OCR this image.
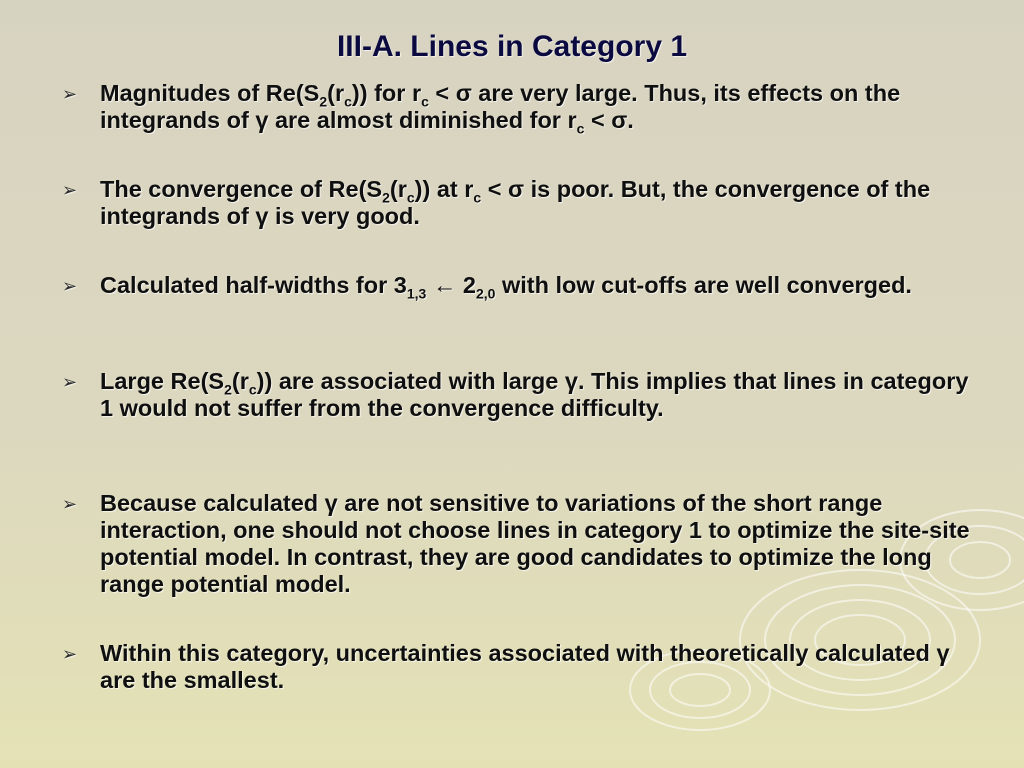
III-A. Lines in Category 1
➢ Magnitudes of $Re(S_2(r_c))$ for $r_c < \sigma$ are very large. Thus, its effects on the integrands of γ are almost diminished for $r_c < \sigma$.
➢ The convergence of $Re(S_2(r_c))$ at $r_c < \sigma$ is poor. But, the convergence of the integrands of γ is very good.
➢ Calculated half-widths for $3_{1,3}$ ← $2_{2,0}$ with low cut-offs are well converged.
➢ Large $Re(S_2(r_c))$ are associated with large γ. This implies that lines in category 1 would not suffer from the convergence difficulty.
➢ Because calculated γ are not sensitive to variations of the short range interaction, one should not choose lines in category 1 to optimize the site-site potential model. In contrast, they are good candidates to optimize the long range potential model.
➢ Within this category, uncertainties associated with theoretically calculated γ are the smallest.
